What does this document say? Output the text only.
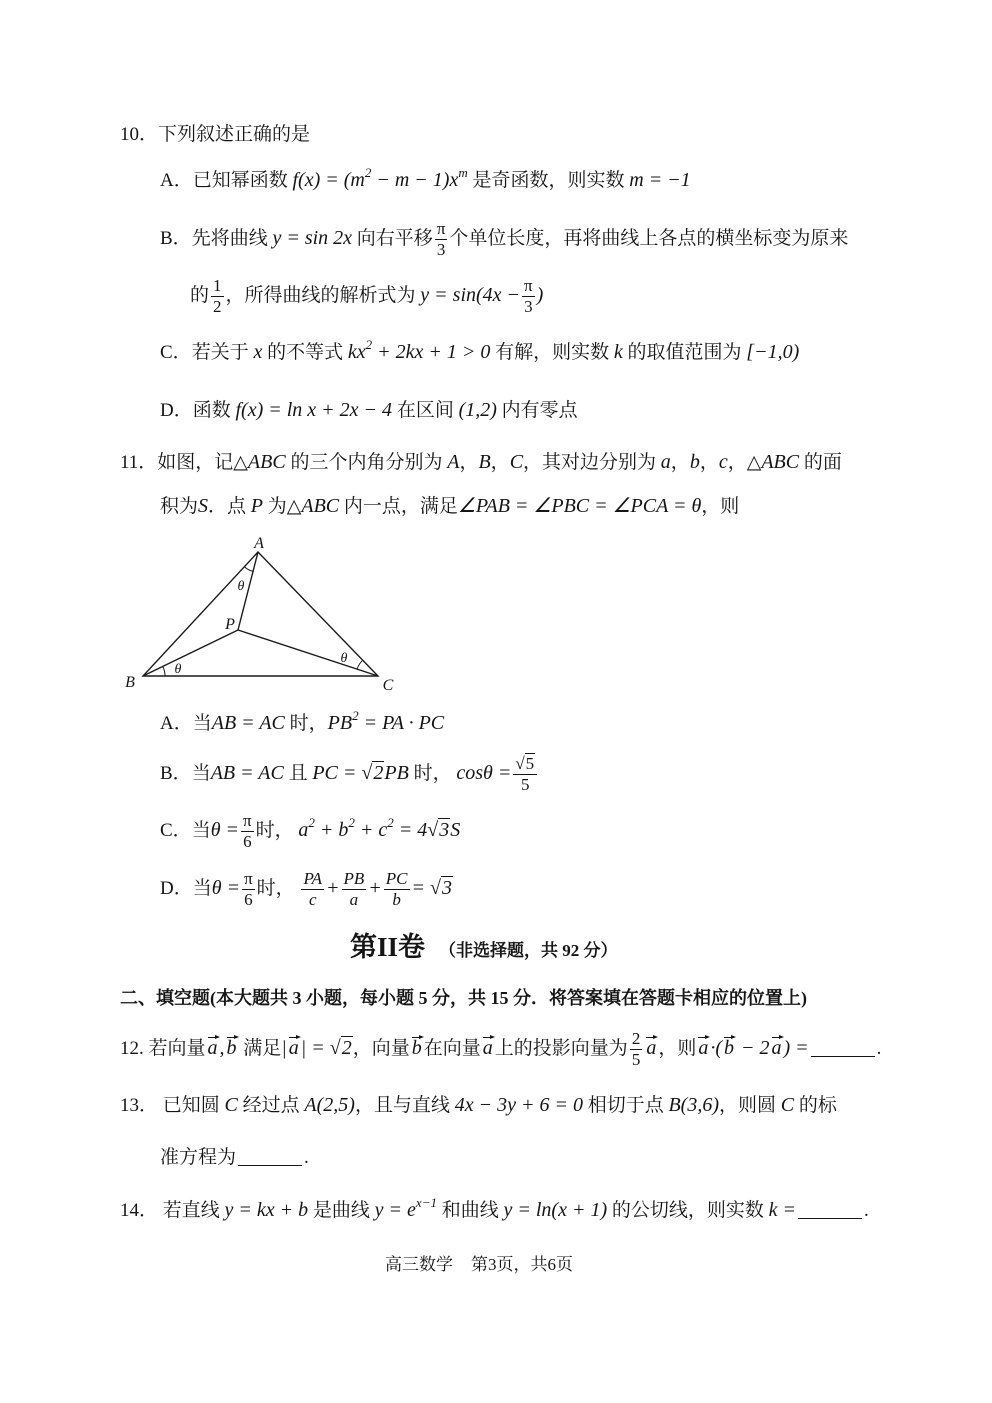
10．下列叙述正确的是
A．已知幂函数 $f(x) = (m^2 - m - 1)x^m$ 是奇函数，则实数 m = −1
B．先将曲线 y = sin 2x 向右平移 $\frac{\pi}{3}$ 个单位长度，再将曲线上各点的横坐标变为原来
的 $\frac{1}{2}$ ，所得曲线的解析式为 $y = \sin(4x - \frac{\pi}{3}$ )
C．若关于 x 的不等式 $kx^2 + 2kx + 1 > 0$ 有解，则实数 k 的取值范围为 [−1,0)
D．函数 f(x) = ln x + 2x − 4 在区间 (1,2) 内有零点
11．如图，记△ABC 的三个内角分别为 A，B，C，其对边分别为 a，b，c，△ABC 的面
积为S．点 P 为△ABC 内一点，满足∠PAB = ∠PBC = ∠PCA = θ，则
A
B	C
P
θ
θ
θ
A．当AB = AC 时，$PB^2$ = PA · PC
B．当AB = AC 且 PC = √2PB 时， $\cos\theta = \frac{√5}{5}$
C．当$\theta = \frac{\pi}{6}$ 时， $a^2 + b^2 + c^2 = 4√3S$
D．当$\theta = \frac{\pi}{6}$ 时， $\frac{PA}{c} + \frac{PB}{a} + \frac{PC}{b} = √3$
第II卷 （非选择题，共 92 分）
二、填空题(本大题共 3 小题，每小题 5 分，共 15 分．将答案填在答题卡相应的位置上)
12. 若向量 a , b 满足| a | = √2，向量 b 在向量 a 上的投影向量为 $\frac{2}{5}$ a ，则 a ·( b − 2 a ) =	.
13． 已知圆 C 经过点 A(2,5)，且与直线 4x − 3y + 6 = 0 相切于点 B(3,6)，则圆 C 的标
准方程为	.
14． 若直线 y = kx + b 是曲线 $y = e^{x-1}$ 和曲线 y = ln(x + 1) 的公切线，则实数 k =	.
高三数学 第3页，共6页
